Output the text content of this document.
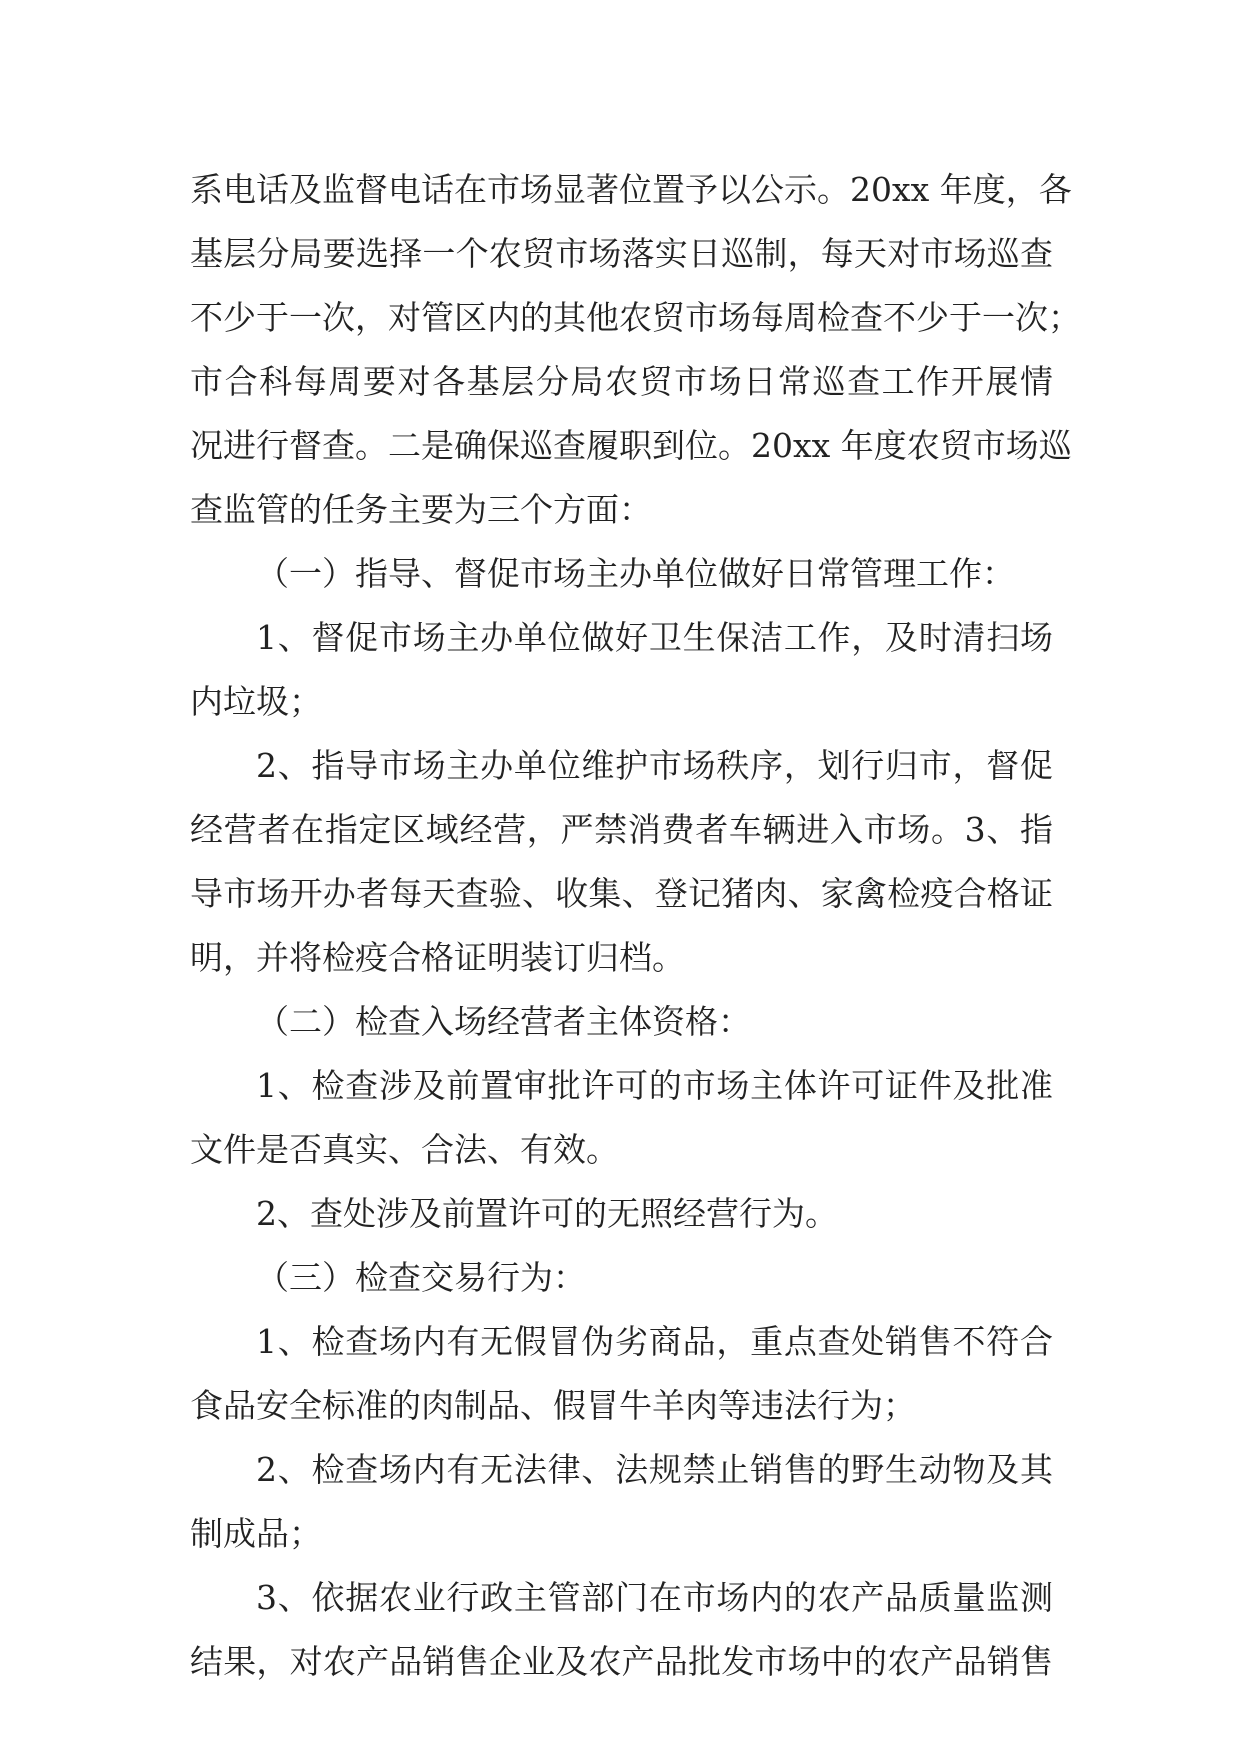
系电话及监督电话在市场显著位置予以公示。20xx 年度，各
基层分局要选择一个农贸市场落实日巡制，每天对市场巡查
不少于一次，对管区内的其他农贸市场每周检查不少于一次；
市合科每周要对各基层分局农贸市场日常巡查工作开展情
况进行督查。二是确保巡查履职到位。20xx 年度农贸市场巡
查监管的任务主要为三个方面：
（一）指导、督促市场主办单位做好日常管理工作：
1、督促市场主办单位做好卫生保洁工作，及时清扫场
内垃圾；
2、指导市场主办单位维护市场秩序，划行归市，督促
经营者在指定区域经营，严禁消费者车辆进入市场。3、指
导市场开办者每天查验、收集、登记猪肉、家禽检疫合格证
明，并将检疫合格证明装订归档。
（二）检查入场经营者主体资格：
1、检查涉及前置审批许可的市场主体许可证件及批准
文件是否真实、合法、有效。
2、查处涉及前置许可的无照经营行为。
（三）检查交易行为：
1、检查场内有无假冒伪劣商品，重点查处销售不符合
食品安全标准的肉制品、假冒牛羊肉等违法行为；
2、检查场内有无法律、法规禁止销售的野生动物及其
制成品；
3、依据农业行政主管部门在市场内的农产品质量监测
结果，对农产品销售企业及农产品批发市场中的农产品销售
